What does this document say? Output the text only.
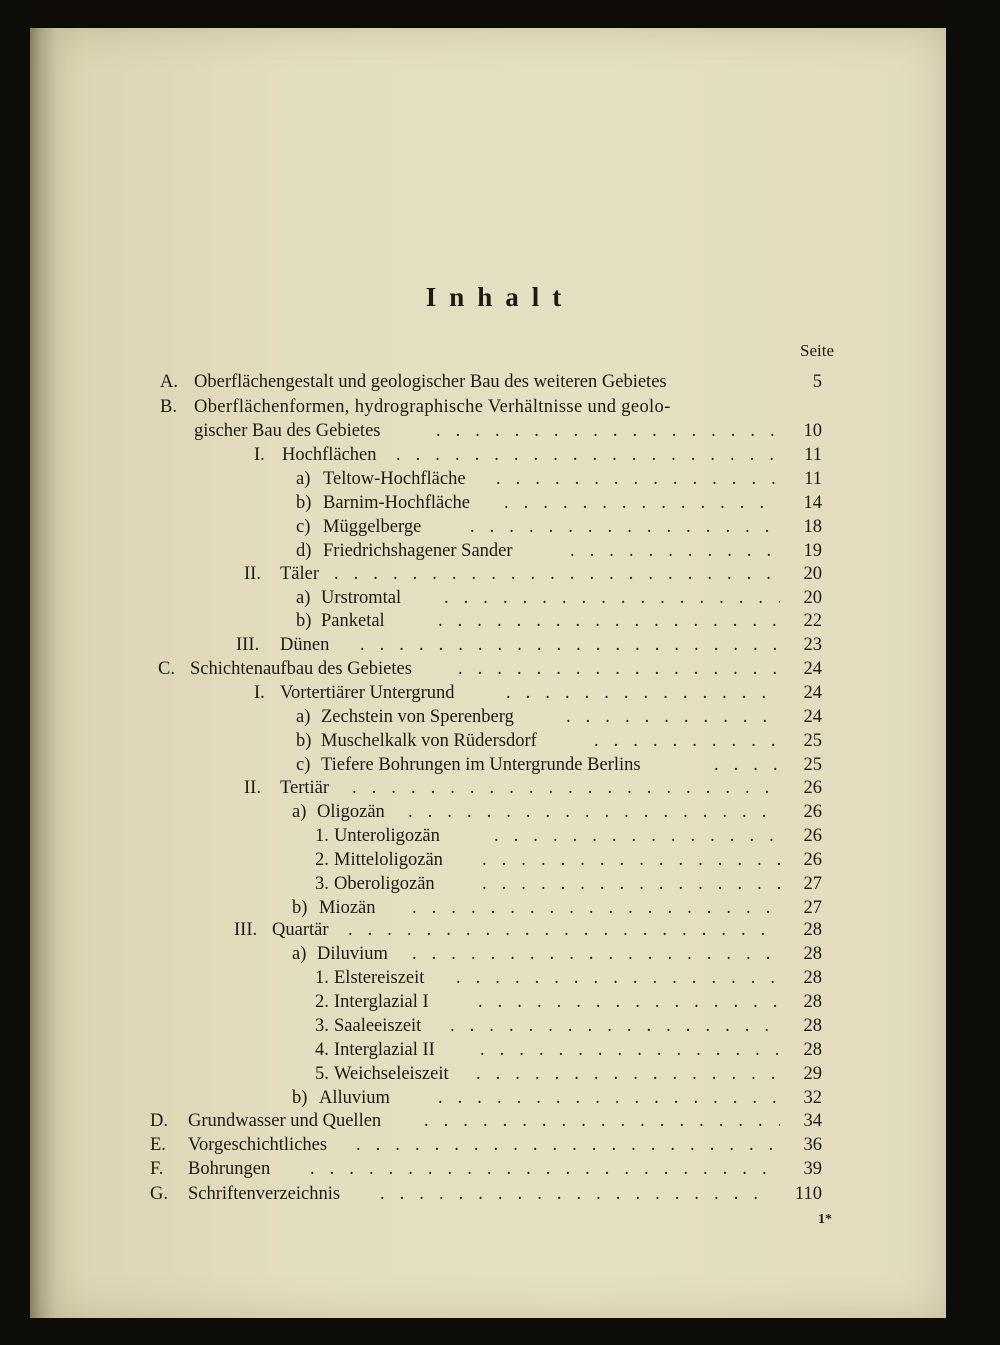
Inhalt
Seite
A. Oberflächengestalt und geologischer Bau des weiteren Gebietes	5
B. Oberflächenformen, hydrographische Verhältnisse und geolo-
gischer Bau des Gebietes . . .	10
I. Hochflächen . . .	11
a) Teltow-Hochfläche . . .	11
b) Barnim-Hochfläche . . .	14
c) Müggelberge . . .	18
d) Friedrichshagener Sander . . .	19
II. Täler . . .	20
a) Urstromtal . . .	20
b) Panketal . . .	22
III. Dünen . . .	23
C. Schichtenaufbau des Gebietes . . .	24
I. Vortertiärer Untergrund . . .	24
a) Zechstein von Sperenberg . . .	24
b) Muschelkalk von Rüdersdorf . . .	25
c) Tiefere Bohrungen im Untergrunde Berlins . . .	25
II. Tertiär . . .	26
a) Oligozän . . .	26
1. Unteroligozän . . .	26
2. Mitteloligozän . . .	26
3. Oberoligozän . . .	27
b) Miozän . . .	27
III. Quartär . . .	28
a) Diluvium . . .	28
1. Elstereiszeit . . .	28
2. Interglazial I . . .	28
3. Saaleeiszeit . . .	28
4. Interglazial II . . .	28
5. Weichseleiszeit . . .	29
b) Alluvium . . .	32
D. Grundwasser und Quellen . . .	34
E. Vorgeschichtliches . . .	36
F. Bohrungen . . .	39
G. Schriftenverzeichnis . . .	110
1*
